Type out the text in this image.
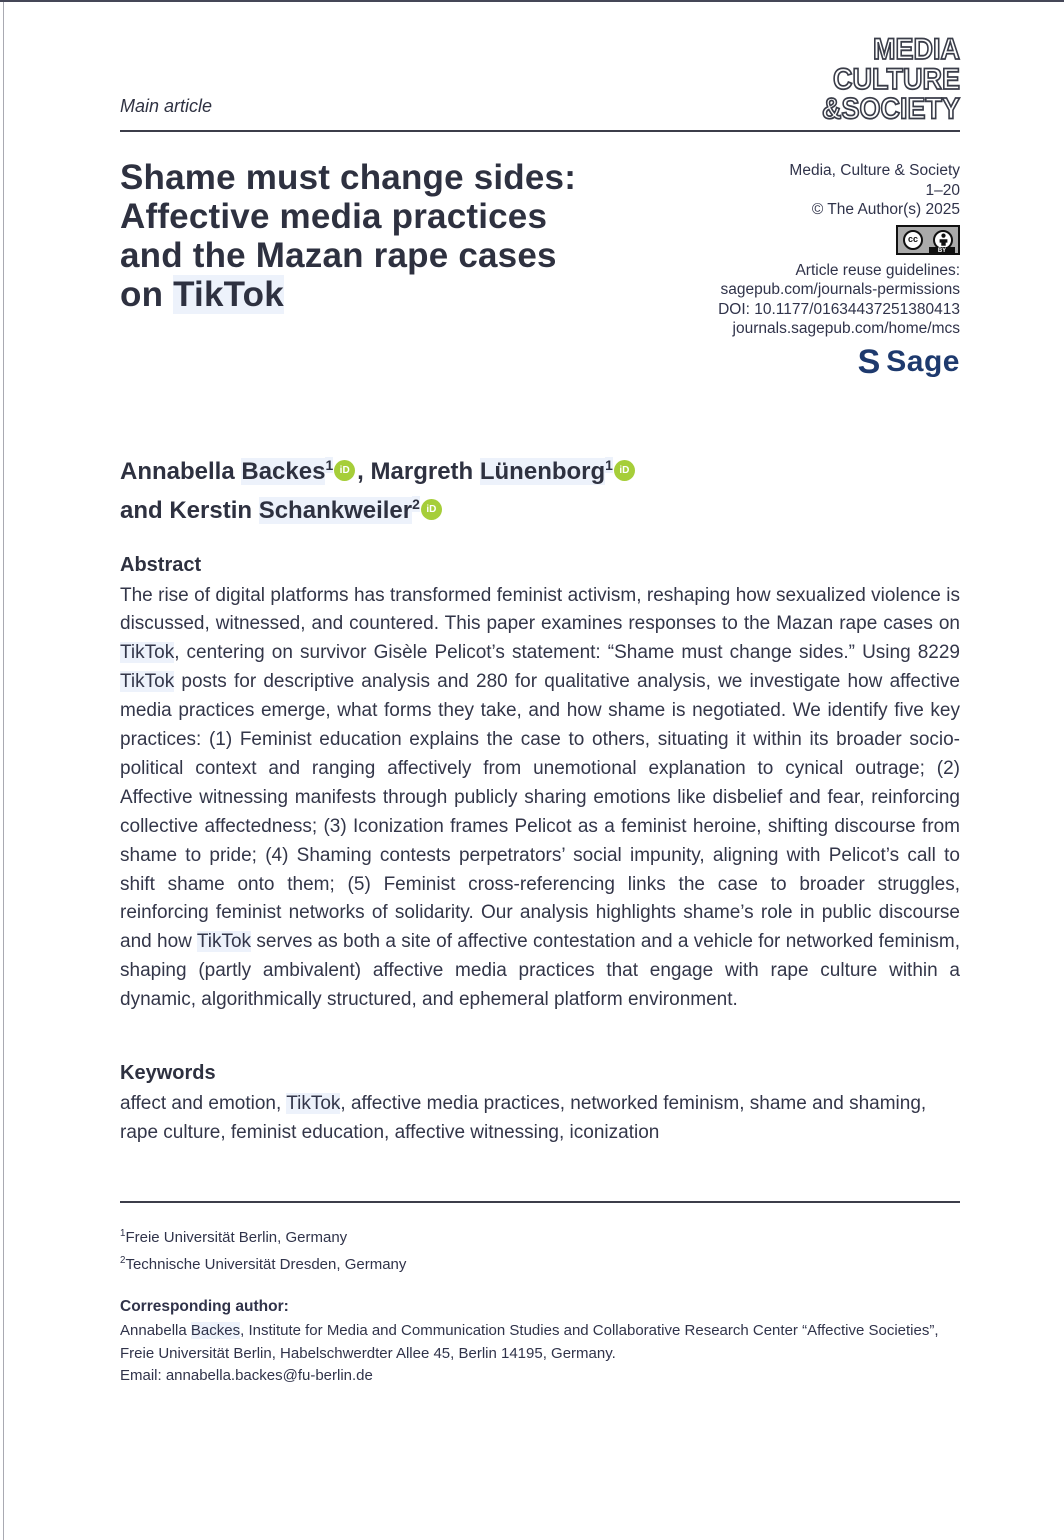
MEDIA
CULTURE
&SOCIETY
Main article
Shame must change sides:
Affective media practices
and the Mazan rape cases
on TikTok
Media, Culture & Society
1–20
© The Author(s) 2025
cc
BY
Article reuse guidelines:
sagepub.com/journals-permissions
DOI: 10.1177/01634437251380413
journals.sagepub.com/home/mcs
S Sage
Annabella Backes$^1$ iD , Margreth Lünenborg$^1$ iD
and Kerstin Schankweiler$^2$ iD
Abstract

The rise of digital platforms has transformed feminist activism, reshaping how sexualized violence is discussed, witnessed, and countered. This paper examines responses to the Mazan rape cases on TikTok, centering on survivor Gisèle Pelicot’s statement: “Shame must change sides.” Using 8229 TikTok posts for descriptive analysis and 280 for qualitative analysis, we investigate how affective media practices emerge, what forms they take, and how shame is negotiated. We identify five key practices: (1) Feminist education explains the case to others, situating it within its broader socio-political context and ranging affectively from unemotional explanation to cynical outrage; (2) Affective witnessing manifests through publicly sharing emotions like disbelief and fear, reinforcing collective affectedness; (3) Iconization frames Pelicot as a feminist heroine, shifting discourse from shame to pride; (4) Shaming contests perpetrators’ social impunity, aligning with Pelicot’s call to shift shame onto them; (5) Feminist cross-referencing links the case to broader struggles, reinforcing feminist networks of solidarity. Our analysis highlights shame’s role in public discourse and how TikTok serves as both a site of affective contestation and a vehicle for networked feminism, shaping (partly ambivalent) affective media practices that engage with rape culture within a dynamic, algorithmically structured, and ephemeral platform environment.

Keywords

affect and emotion, TikTok, affective media practices, networked feminism, shame and shaming, rape culture, feminist education, affective witnessing, iconization

$^1$Freie Universität Berlin, Germany
$^2$Technische Universität Dresden, Germany
Corresponding author:
Annabella Backes, Institute for Media and Communication Studies and Collaborative Research Center “Affective Societies”, Freie Universität Berlin, Habelschwerdter Allee 45, Berlin 14195, Germany.
Email: annabella.backes@fu-berlin.de
